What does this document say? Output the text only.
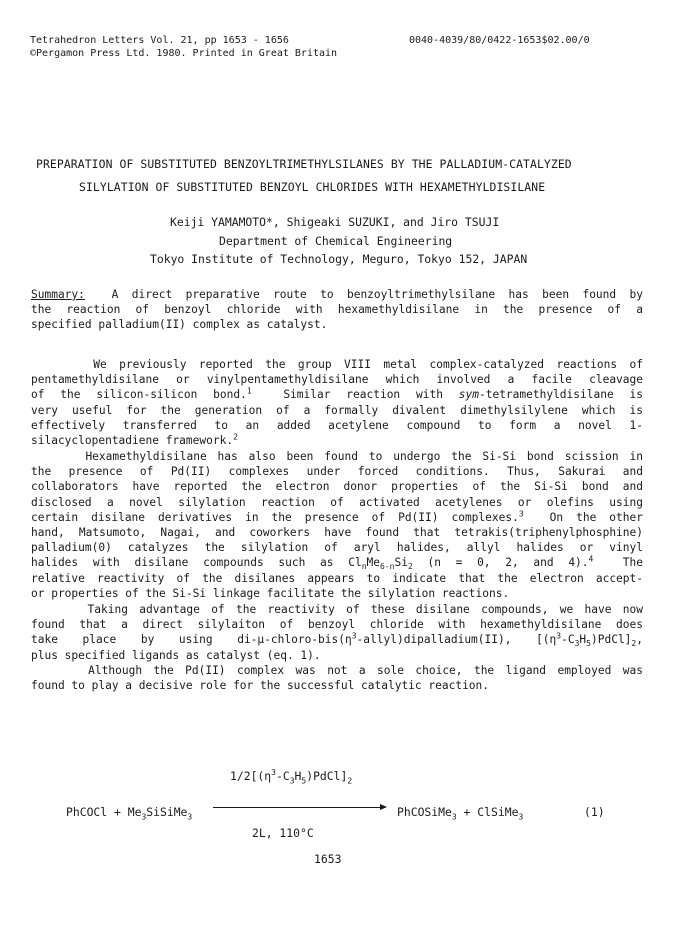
Tetrahedron Letters Vol. 21, pp 1653 - 1656
©Pergamon Press Ltd. 1980. Printed in Great Britain
0040-4039/80/0422-1653$02.00/0
PREPARATION OF SUBSTITUTED BENZOYLTRIMETHYLSILANES BY THE PALLADIUM-CATALYZED
SILYLATION OF SUBSTITUTED BENZOYL CHLORIDES WITH HEXAMETHYLDISILANE
Keiji YAMAMOTO*, Shigeaki SUZUKI, and Jiro TSUJI
Department of Chemical Engineering
Tokyo Institute of Technology, Meguro, Tokyo 152, JAPAN
Summary: A direct preparative route to benzoyltrimethylsilane has been found by
the reaction of benzoyl chloride with hexamethyldisilane in the presence of a
specified palladium(II) complex as catalyst.
We previously reported the group VIII metal complex-catalyzed reactions of
pentamethyldisilane or vinylpentamethyldisilane which involved a facile cleavage
of the silicon-silicon bond.$^1$	Similar reaction with sym-tetramethyldisilane is
very useful for the generation of a formally divalent dimethylsilylene which is
effectively transferred to an added acetylene compound to form a novel 1-
silacyclopentadiene framework.$^2$
Hexamethyldisilane has also been found to undergo the Si-Si bond scission in
the presence of Pd(II) complexes under forced conditions. Thus, Sakurai and
collaborators have reported the electron donor properties of the Si-Si bond and
disclosed a novel silylation reaction of activated acetylenes or olefins using
certain disilane derivatives in the presence of Pd(II) complexes.$^3$ On the other
hand, Matsumoto, Nagai, and coworkers have found that tetrakis(triphenylphosphine)
palladium(0) catalyzes the silylation of aryl halides, allyl halides or vinyl
halides with disilane compounds such as $Cl_nMe_{6-n}Si_2$ (n = 0, 2, and 4).$^4$	The
relative reactivity of the disilanes appears to indicate that the electron accept-
or properties of the Si-Si linkage facilitate the silylation reactions.
Taking advantage of the reactivity of these disilane compounds, we have now
found that a direct silylaiton of benzoyl chloride with hexamethyldisilane does
take place by using $di-\mu-chloro-bis(\eta^3-allyl)dipalladium(II)$, $[(\eta^3-C_3H_5)PdCl]_2$,
plus specified ligands as catalyst (eq. 1).
Although the Pd(II) complex was not a sole choice, the ligand employed was
found to play a decisive role for the successful catalytic reaction.
PhCOCl + $Me_3SiSiMe_3$
$1/2[(\eta^3-C_3H_5)PdCl]_2$
2L, 110°C
PhCOSiMe$_3$ + ClSiMe$_3$	(1)
1653
